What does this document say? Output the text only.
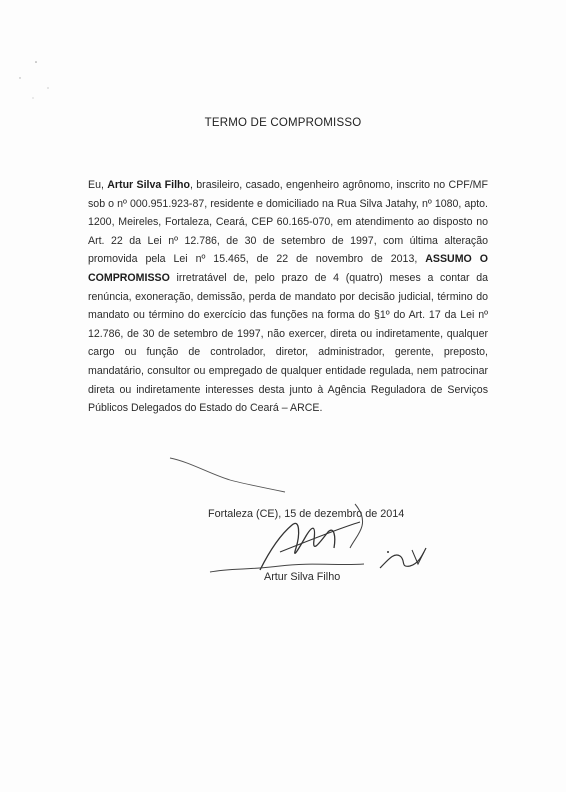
TERMO DE COMPROMISSO
Eu, Artur Silva Filho, brasileiro, casado, engenheiro agrônomo, inscrito no CPF/MF sob o nº 000.951.923-87, residente e domiciliado na Rua Silva Jatahy, nº 1080, apto. 1200, Meireles, Fortaleza, Ceará, CEP 60.165-070, em atendimento ao disposto no Art. 22 da Lei nº 12.786, de 30 de setembro de 1997, com última alteração promovida pela Lei nº 15.465, de 22 de novembro de 2013, ASSUMO O COMPROMISSO irretratável de, pelo prazo de 4 (quatro) meses a contar da renúncia, exoneração, demissão, perda de mandato por decisão judicial, término do mandato ou término do exercício das funções na forma do §1º do Art. 17 da Lei nº 12.786, de 30 de setembro de 1997, não exercer, direta ou indiretamente, qualquer cargo ou função de controlador, diretor, administrador, gerente, preposto, mandatário, consultor ou empregado de qualquer entidade regulada, nem patrocinar direta ou indiretamente interesses desta junto à Agência Reguladora de Serviços Públicos Delegados do Estado do Ceará – ARCE.
Fortaleza (CE), 15 de dezembro de 2014
Artur Silva Filho
